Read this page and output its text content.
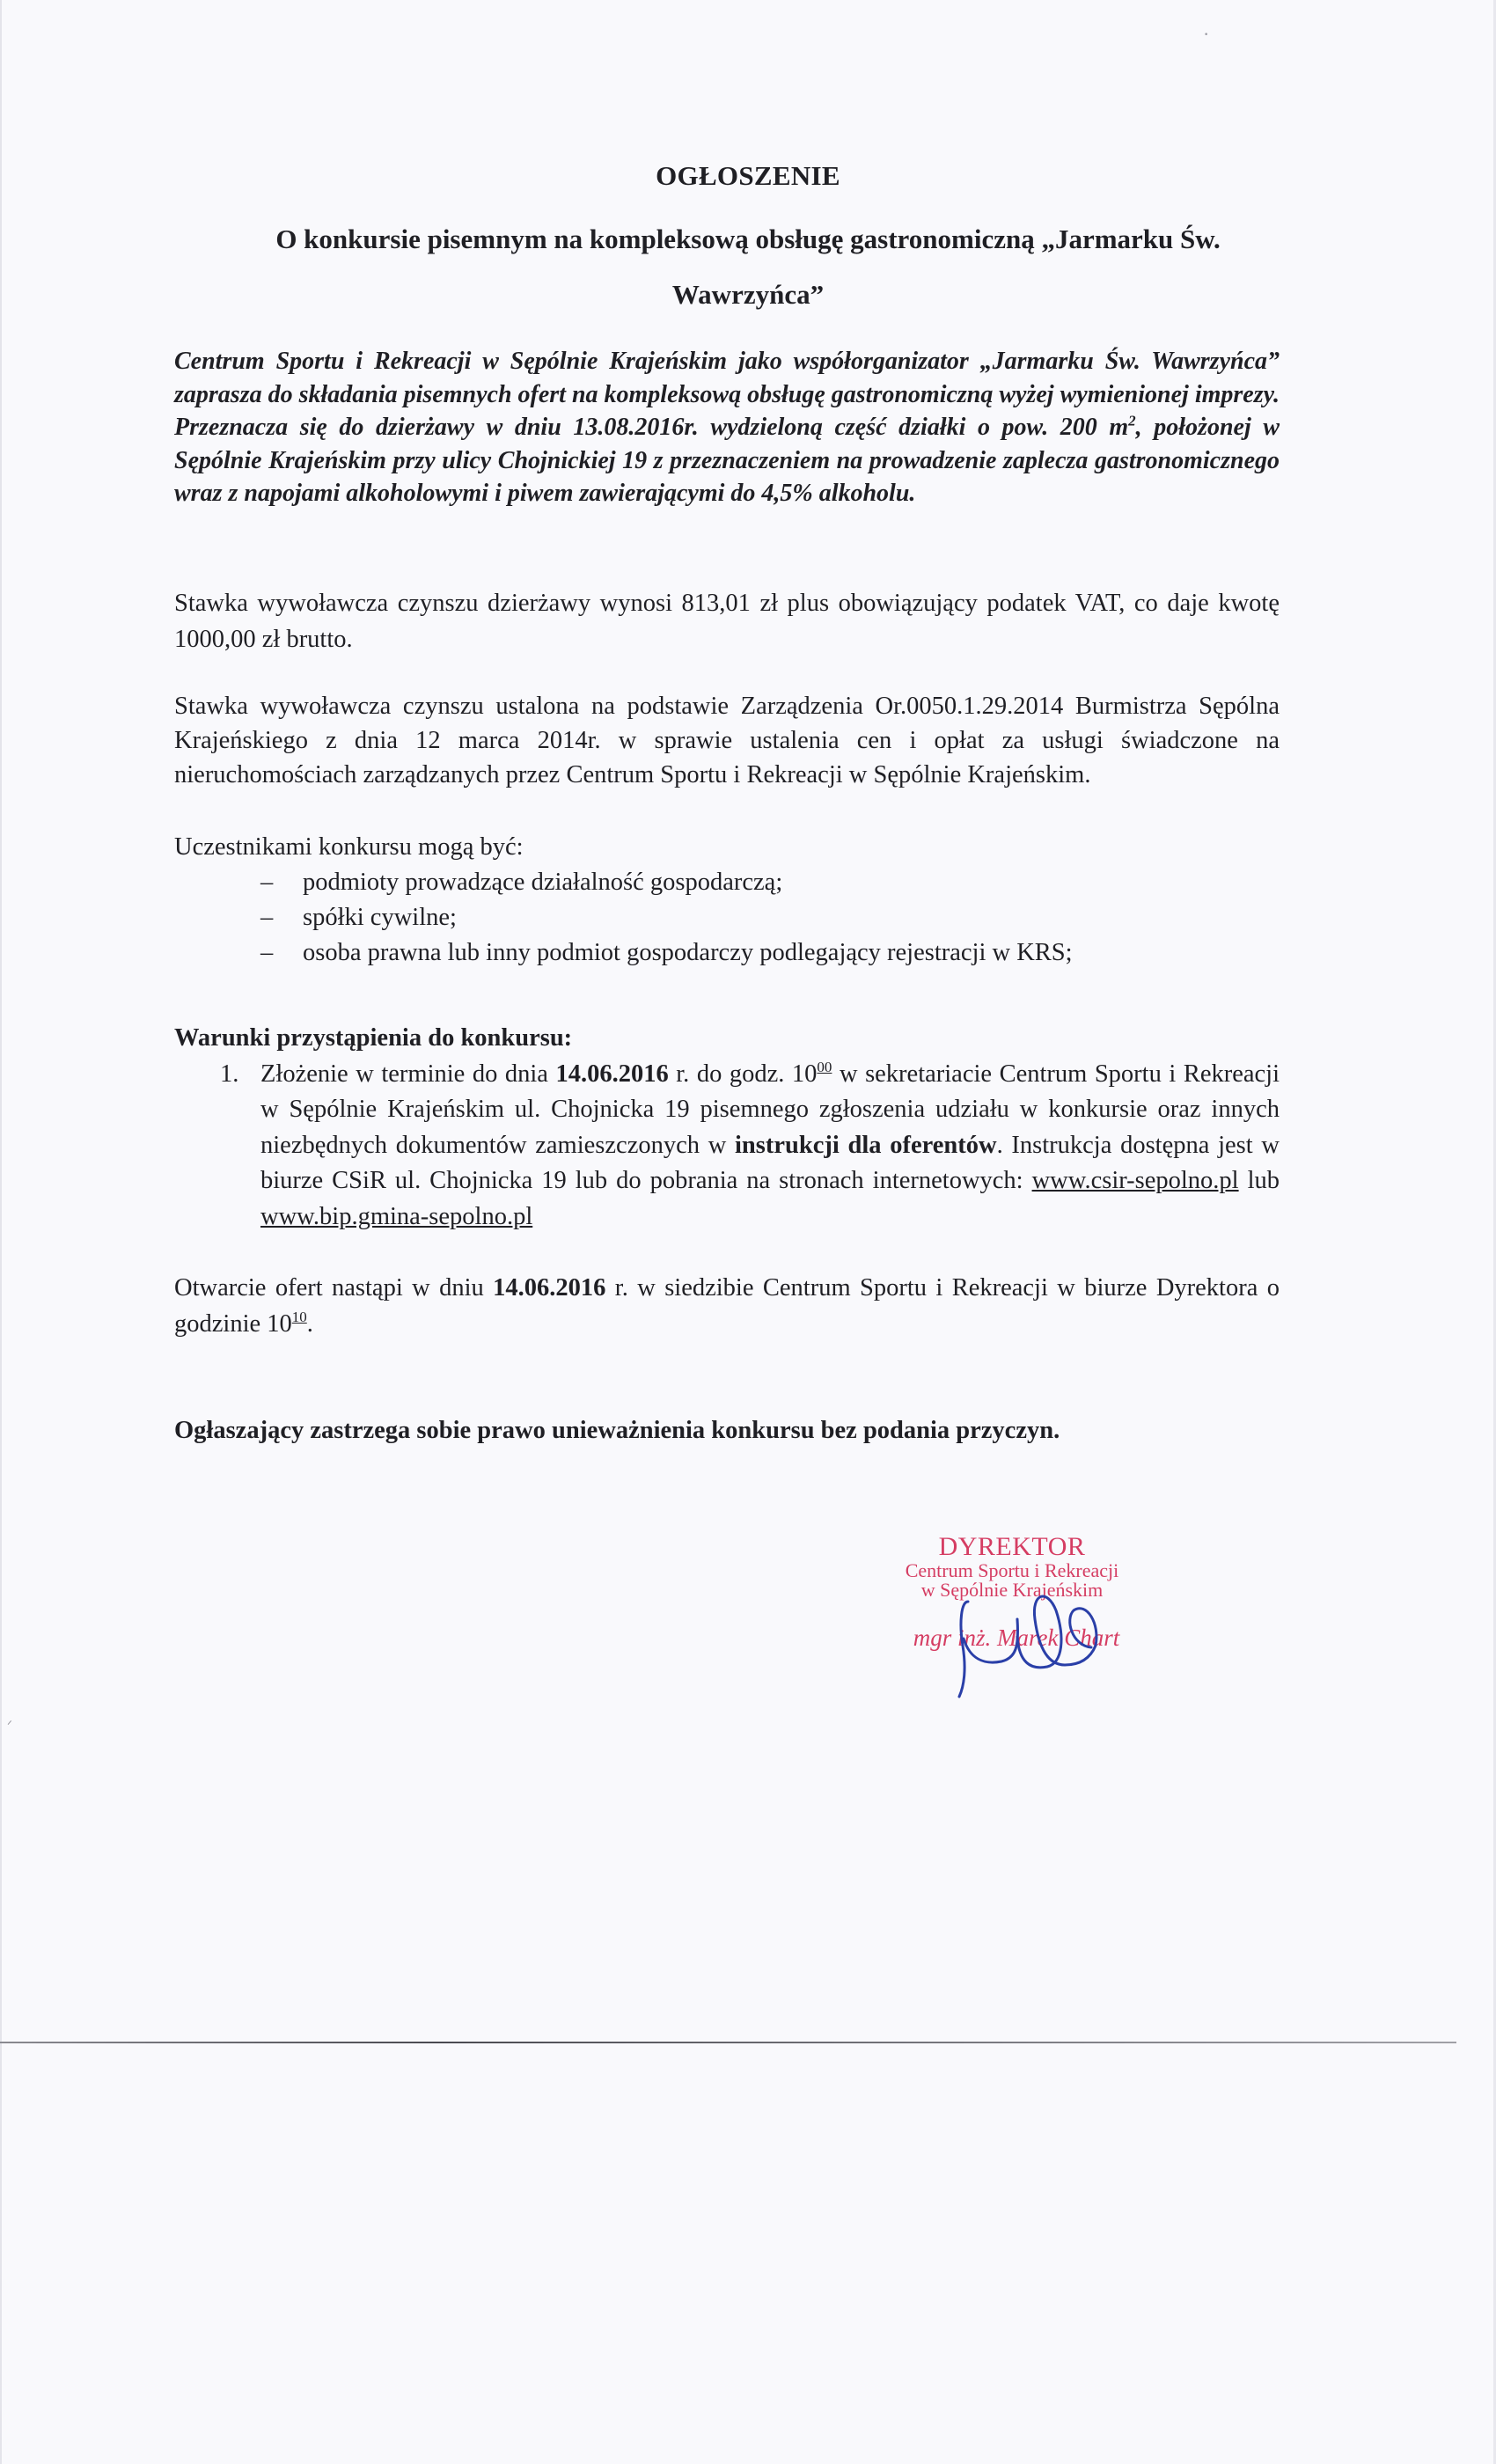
·
ᐟ
OGŁOSZENIE
O konkursie pisemnym na kompleksową obsługę gastronomiczną „Jarmarku Św.
Wawrzyńca”
Centrum Sportu i Rekreacji w Sępólnie Krajeńskim jako współorganizator „Jarmarku Św. Wawrzyńca” zaprasza do składania pisemnych ofert na kompleksową obsługę gastronomiczną wyżej wymienionej imprezy. Przeznacza się do dzierżawy w dniu 13.08.2016r. wydzieloną część działki o pow. 200 $m^2$, położonej w Sępólnie Krajeńskim przy ulicy Chojnickiej 19 z przeznaczeniem na prowadzenie zaplecza gastronomicznego wraz z napojami alkoholowymi i piwem zawierającymi do 4,5% alkoholu.
Stawka wywoławcza czynszu dzierżawy wynosi 813,01 zł plus obowiązujący podatek VAT, co daje kwotę 1000,00 zł brutto.
Stawka wywoławcza czynszu ustalona na podstawie Zarządzenia Or.0050.1.29.2014 Burmistrza Sępólna Krajeńskiego z dnia 12 marca 2014r. w sprawie ustalenia cen i opłat za usługi świadczone na nieruchomościach zarządzanych przez Centrum Sportu i Rekreacji w Sępólnie Krajeńskim.
Uczestnikami konkursu mogą być:
– podmioty prowadzące działalność gospodarczą;
– spółki cywilne;
– osoba prawna lub inny podmiot gospodarczy podlegający rejestracji w KRS;
Warunki przystąpienia do konkursu:
1. Złożenie w terminie do dnia 14.06.2016 r. do godz. $10^{00}$ w sekretariacie Centrum Sportu i Rekreacji w Sępólnie Krajeńskim ul. Chojnicka 19 pisemnego zgłoszenia udziału w konkursie oraz innych niezbędnych dokumentów zamieszczonych w instrukcji dla oferentów. Instrukcja dostępna jest w biurze CSiR ul. Chojnicka 19 lub do pobrania na stronach internetowych: www.csir-sepolno.pl lub www.bip.gmina-sepolno.pl
Otwarcie ofert nastąpi w dniu 14.06.2016 r. w siedzibie Centrum Sportu i Rekreacji w biurze Dyrektora o godzinie $10^{10}$.
Ogłaszający zastrzega sobie prawo unieważnienia konkursu bez podania przyczyn.
DYREKTOR
Centrum Sportu i Rekreacji
w Sępólnie Krajeńskim
mgr inż. Marek Chart
